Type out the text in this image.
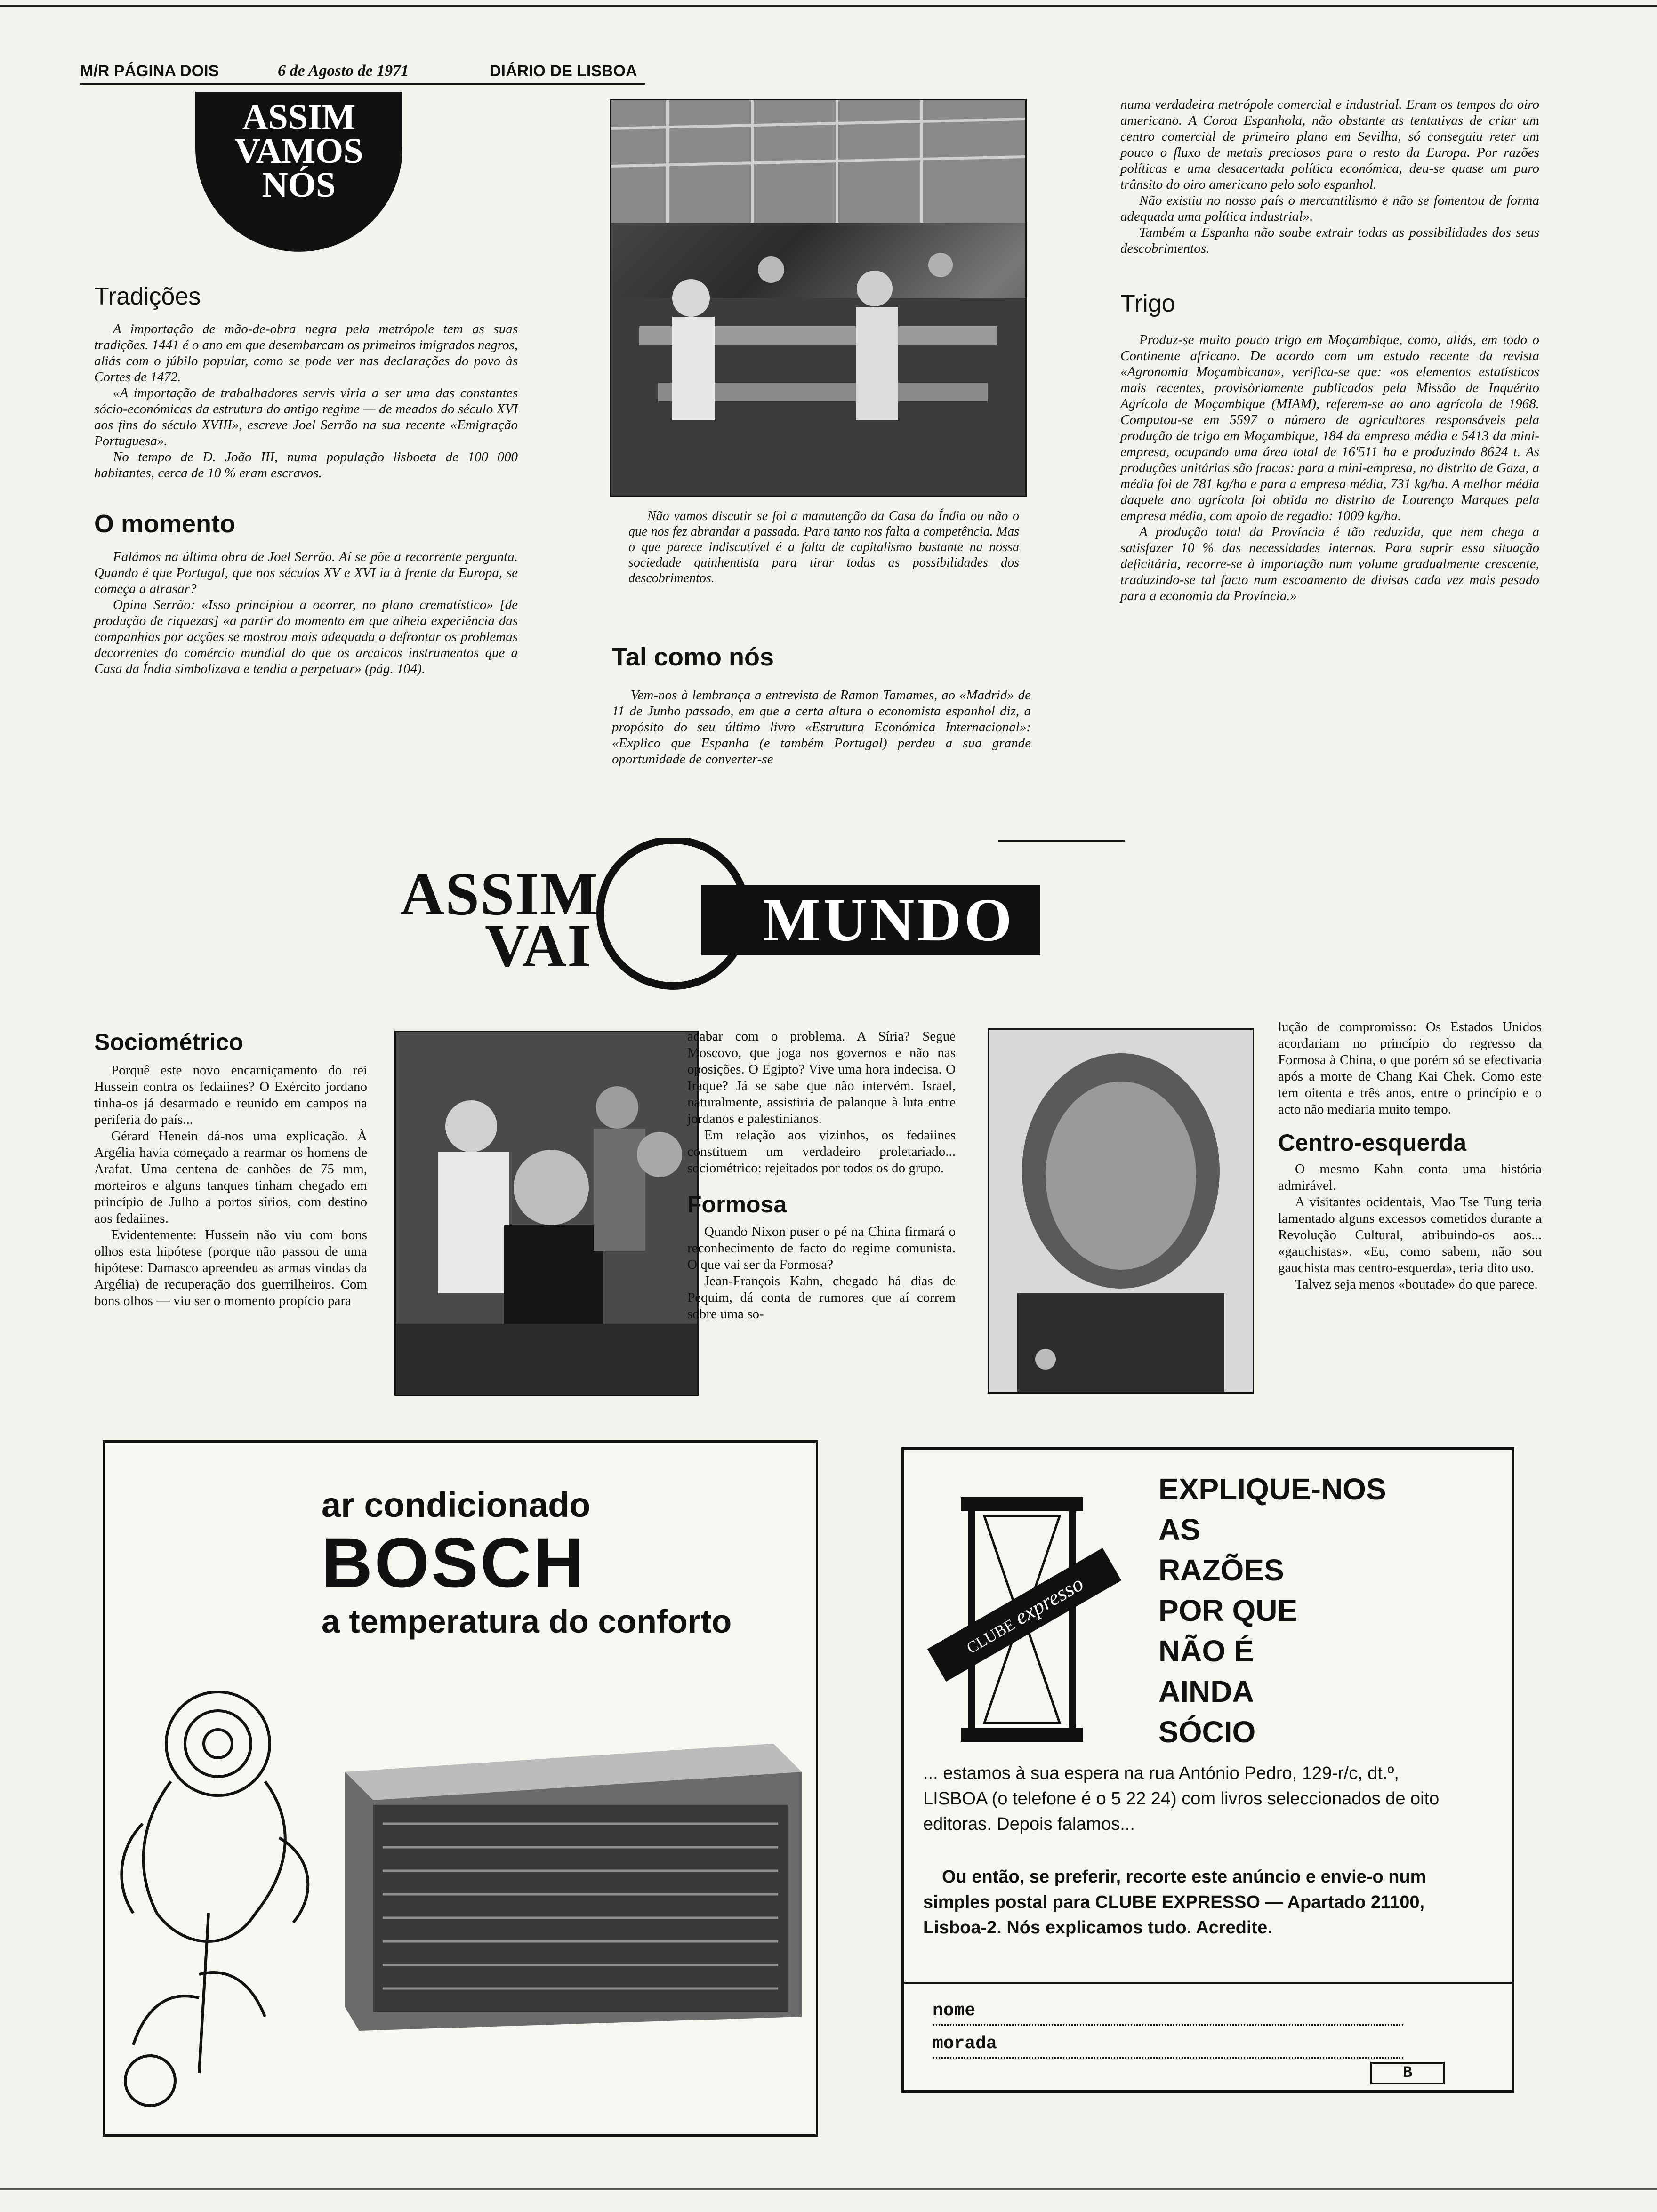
M/R PÁGINA DOIS	6 de Agosto de 1971	DIÁRIO DE LISBOA
ASSIM
VAMOS
NÓS
Tradições

A importação de mão-de-obra negra pela metrópole tem as suas tradições. 1441 é o ano em que desembarcam os primeiros imigrados negros, aliás com o júbilo popular, como se pode ver nas declarações do povo às Cortes de 1472.

«A importação de trabalhadores servis viria a ser uma das constantes sócio-económicas da estrutura do antigo regime — de meados do século XVI aos fins do século XVIII», escreve Joel Serrão na sua recente «Emigração Portuguesa».

No tempo de D. João III, numa população lisboeta de 100 000 habitantes, cerca de 10 % eram escravos.

O momento

Falámos na última obra de Joel Serrão. Aí se põe a recorrente pergunta. Quando é que Portugal, que nos séculos XV e XVI ia à frente da Europa, se começa a atrasar?

Opina Serrão: «Isso principiou a ocorrer, no plano crematístico» [de produção de riquezas] «a partir do momento em que alheia experiência das companhias por acções se mostrou mais adequada a defrontar os problemas decorrentes do comércio mundial do que os arcaicos instrumentos que a Casa da Índia simbolizava e tendia a perpetuar» (pág. 104).

Não vamos discutir se foi a manutenção da Casa da Índia ou não o que nos fez abrandar a passada. Para tanto nos falta a competência. Mas o que parece indiscutível é a falta de capitalismo bastante na nossa sociedade quinhentista para tirar todas as possibilidades dos descobrimentos.

Tal como nós

Vem-nos à lembrança a entrevista de Ramon Tamames, ao «Madrid» de 11 de Junho passado, em que a certa altura o economista espanhol diz, a propósito do seu último livro «Estrutura Económica Internacional»: «Explico que Espanha (e também Portugal) perdeu a sua grande oportunidade de converter-se

numa verdadeira metrópole comercial e industrial. Eram os tempos do oiro americano. A Coroa Espanhola, não obstante as tentativas de criar um centro comercial de primeiro plano em Sevilha, só conseguiu reter um pouco o fluxo de metais preciosos para o resto da Europa. Por razões políticas e uma desacertada política económica, deu-se quase um puro trânsito do oiro americano pelo solo espanhol.

Não existiu no nosso país o mercantilismo e não se fomentou de forma adequada uma política industrial».

Também a Espanha não soube extrair todas as possibilidades dos seus descobrimentos.

Trigo

Produz-se muito pouco trigo em Moçambique, como, aliás, em todo o Continente africano. De acordo com um estudo recente da revista «Agronomia Moçambicana», verifica-se que: «os elementos estatísticos mais recentes, provisòriamente publicados pela Missão de Inquérito Agrícola de Moçambique (MIAM), referem-se ao ano agrícola de 1968. Computou-se em 5597 o número de agricultores responsáveis pela produção de trigo em Moçambique, 184 da empresa média e 5413 da mini-empresa, ocupando uma área total de 16'511 ha e produzindo 8624 t. As produções unitárias são fracas: para a mini-empresa, no distrito de Gaza, a média foi de 781 kg/ha e para a empresa média, 731 kg/ha. A melhor média daquele ano agrícola foi obtida no distrito de Lourenço Marques pela empresa média, com apoio de regadio: 1009 kg/ha.

A produção total da Província é tão reduzida, que nem chega a satisfazer 10 % das necessidades internas. Para suprir essa situação deficitária, recorre-se à importação num volume gradualmente crescente, traduzindo-se tal facto num escoamento de divisas cada vez mais pesado para a economia da Província.»

ASSIM
VAI	MUNDO
Sociométrico

Porquê este novo encarniçamento do rei Hussein contra os fedaiines? O Exército jordano tinha-os já desarmado e reunido em campos na periferia do país...

Gérard Henein dá-nos uma explicação. À Argélia havia começado a rearmar os homens de Arafat. Uma centena de canhões de 75 mm, morteiros e alguns tanques tinham chegado em princípio de Julho a portos sírios, com destino aos fedaiines.

Evidentemente: Hussein não viu com bons olhos esta hipótese (porque não passou de uma hipótese: Damasco apreendeu as armas vindas da Argélia) de recuperação dos guerrilheiros. Com bons olhos — viu ser o momento propício para

acabar com o problema. A Síria? Segue Moscovo, que joga nos governos e não nas oposições. O Egipto? Vive uma hora indecisa. O Iraque? Já se sabe que não intervém. Israel, naturalmente, assistiria de palanque à luta entre jordanos e palestinianos.

Em relação aos vizinhos, os fedaiines constituem um verdadeiro proletariado... sociométrico: rejeitados por todos os do grupo.

Formosa

Quando Nixon puser o pé na China firmará o reconhecimento de facto do regime comunista. O que vai ser da Formosa?

Jean-François Kahn, chegado há dias de Pequim, dá conta de rumores que aí correm sobre uma so-

lução de compromisso: Os Estados Unidos acordariam no princípio do regresso da Formosa à China, o que porém só se efectivaria após a morte de Chang Kai Chek. Como este tem oitenta e três anos, entre o princípio e o acto não mediaria muito tempo.

Centro-esquerda

O mesmo Kahn conta uma história admirável.

A visitantes ocidentais, Mao Tse Tung teria lamentado alguns excessos cometidos durante a Revolução Cultural, atribuindo-os aos... «gauchistas». «Eu, como sabem, não sou gauchista mas centro-esquerda», teria dito uso.

Talvez seja menos «boutade» do que parece.

ar condicionado
BOSCH
a temperatura do conforto
EXPLIQUE-NOS
AS
RAZÕES
POR QUE
NÃO É
AINDA
SÓCIO
CLUBEexpresso

... estamos à sua espera na rua António Pedro, 129-r/c, dt.º, LISBOA (o telefone é o 5 22 24) com livros seleccionados de oito editoras. Depois falamos...

Ou então, se preferir, recorte este anúncio e envie-o num simples postal para CLUBE EXPRESSO — Apartado 21100, Lisboa-2. Nós explicamos tudo. Acredite.

nome
morada
B
